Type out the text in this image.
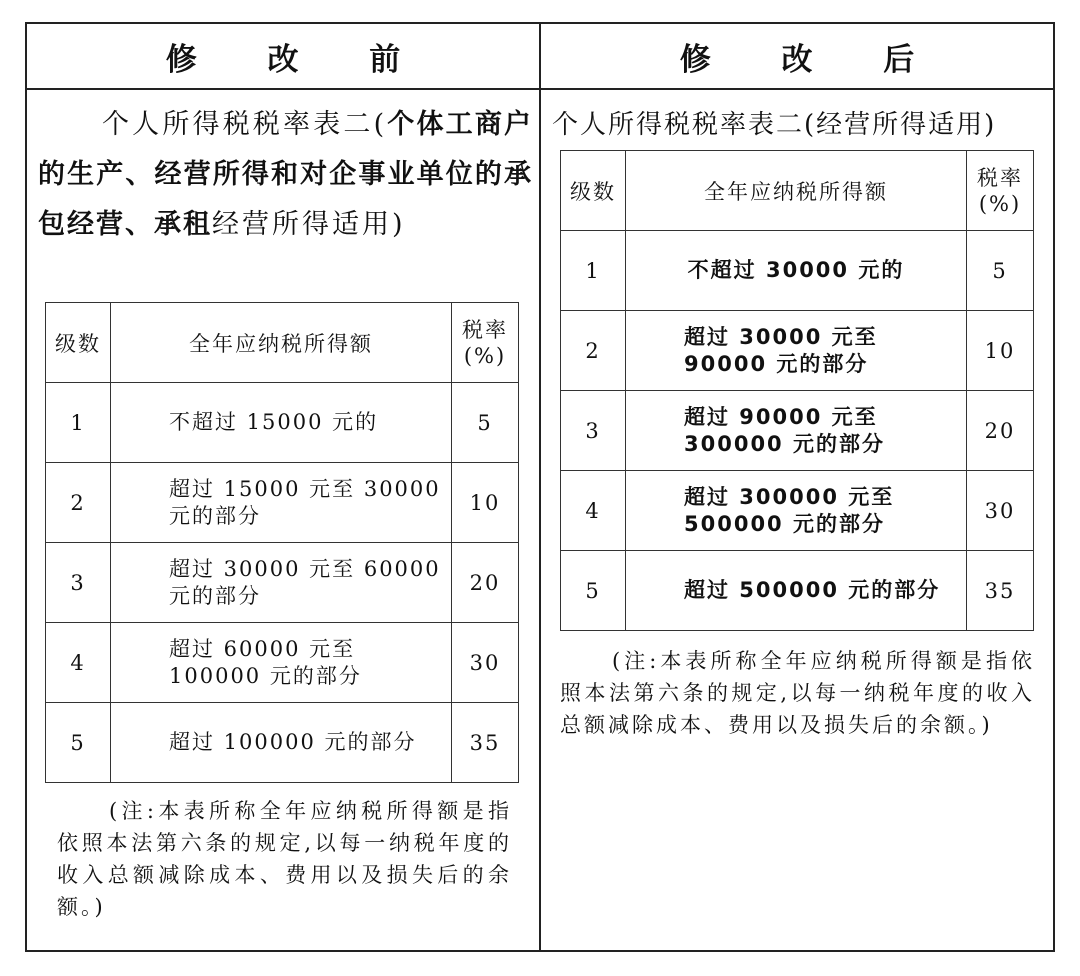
修 改 前	修 改 后
个人所得税税率表二(个体工商户的生产、经营所得和对企事业单位的承包经营、承租经营所得适用)
级数	全年应纳税所得额	税率(%)
1	不超过 15000 元的	5
2	超过 15000 元至 30000 元的部分	10
3	超过 30000 元至 60000 元的部分	20
4	超过 60000 元至 100000 元的部分	30
5	超过 100000 元的部分	35
(注:本表所称全年应纳税所得额是指依照本法第六条的规定,以每一纳税年度的收入总额减除成本、费用以及损失后的余额。)
个人所得税税率表二(经营所得适用)
级数	全年应纳税所得额	税率(%)
1	不超过 30000 元的	5
2	超过 30000 元至 90000 元的部分	10
3	超过 90000 元至 300000 元的部分	20
4	超过 300000 元至 500000 元的部分	30
5	超过 500000 元的部分	35
(注:本表所称全年应纳税所得额是指依照本法第六条的规定,以每一纳税年度的收入总额减除成本、费用以及损失后的余额。)
